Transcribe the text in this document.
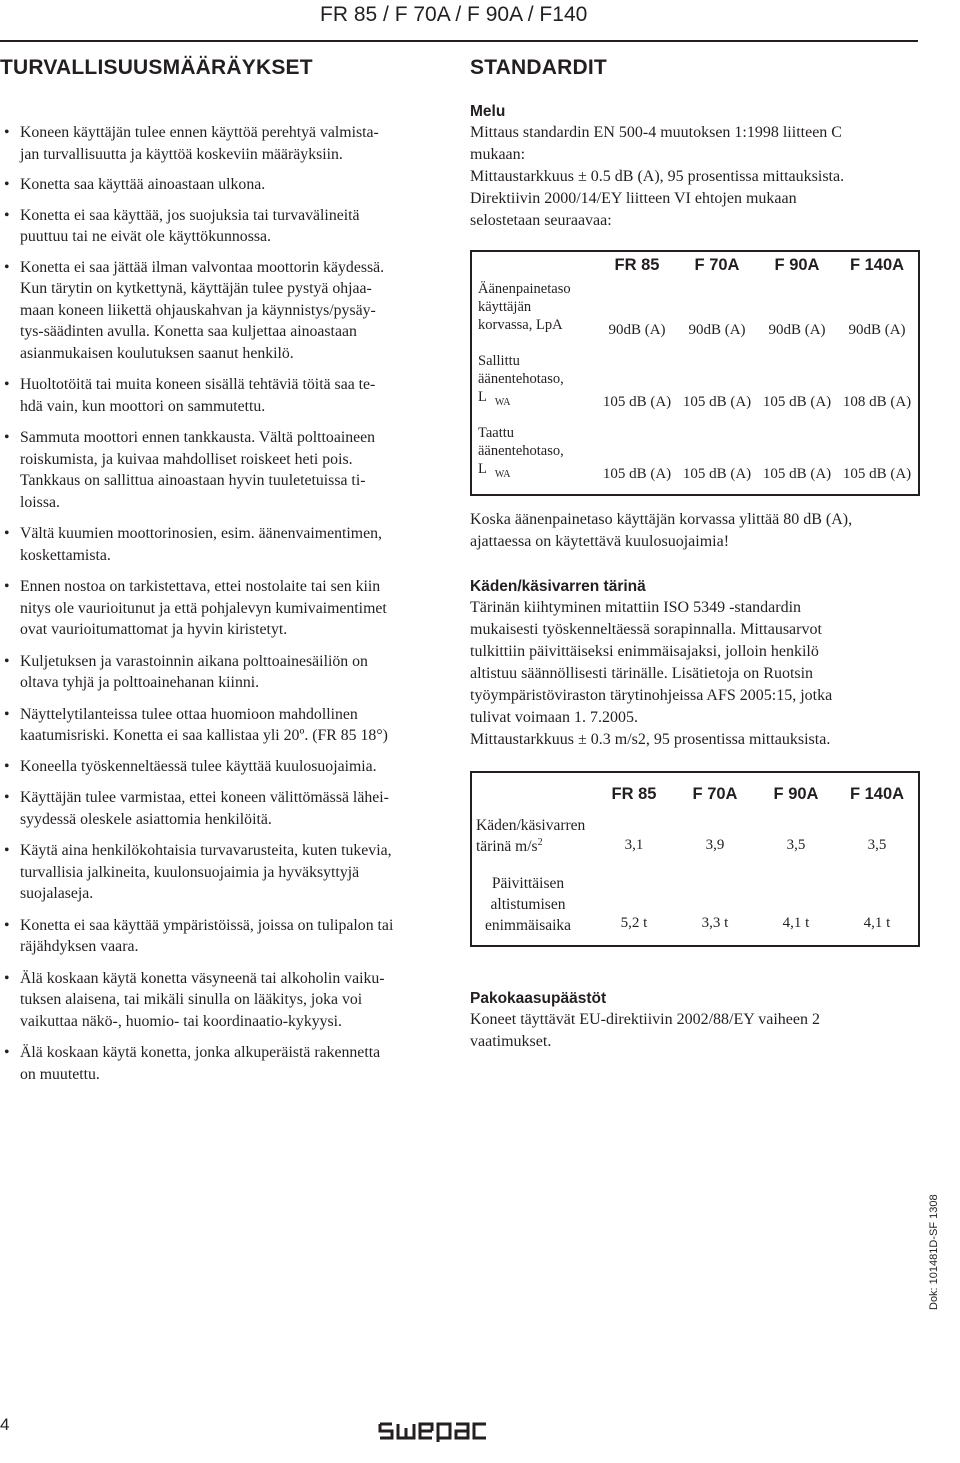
FR 85 / F 70A / F 90A / F140
TURVALLISUUSMÄÄRÄYKSET
• Koneen käyttäjän tulee ennen käyttöä perehtyä valmista-
jan turvallisuutta ja käyttöä koskeviin määräyksiin.
• Konetta saa käyttää ainoastaan ulkona.
• Konetta ei saa käyttää, jos suojuksia tai turvavälineitä
puuttuu tai ne eivät ole käyttökunnossa.
• Konetta ei saa jättää ilman valvontaa moottorin käydessä.
Kun tärytin on kytkettynä, käyttäjän tulee pystyä ohjaa-
maan koneen liikettä ohjauskahvan ja käynnistys/pysäy-
tys-säädinten avulla. Konetta saa kuljettaa ainoastaan
asianmukaisen koulutuksen saanut henkilö.
• Huoltotöitä tai muita koneen sisällä tehtäviä töitä saa te-
hdä vain, kun moottori on sammutettu.
• Sammuta moottori ennen tankkausta. Vältä polttoaineen
roiskumista, ja kuivaa mahdolliset roiskeet heti pois.
Tankkaus on sallittua ainoastaan hyvin tuuletetuissa ti-
loissa.
• Vältä kuumien moottorinosien, esim. äänenvaimentimen,
koskettamista.
• Ennen nostoa on tarkistettava, ettei nostolaite tai sen kiin
nitys ole vaurioitunut ja että pohjalevyn kumivaimentimet
ovat vaurioitumattomat ja hyvin kiristetyt.
• Kuljetuksen ja varastoinnin aikana polttoainesäiliön on
oltava tyhjä ja polttoainehanan kiinni.
• Näyttelytilanteissa tulee ottaa huomioon mahdollinen
kaatumisriski. Konetta ei saa kallistaa yli 20º. (FR 85 18°)
• Koneella työskenneltäessä tulee käyttää kuulosuojaimia.
• Käyttäjän tulee varmistaa, ettei koneen välittömässä lähei-
syydessä oleskele asiattomia henkilöitä.
• Käytä aina henkilökohtaisia turvavarusteita, kuten tukevia,
turvallisia jalkineita, kuulonsuojaimia ja hyväksyttyjä
suojalaseja.
• Konetta ei saa käyttää ympäristöissä, joissa on tulipalon tai
räjähdyksen vaara.
• Älä koskaan käytä konetta väsyneenä tai alkoholin vaiku-
tuksen alaisena, tai mikäli sinulla on lääkitys, joka voi
vaikuttaa näkö-, huomio- tai koordinaatio-kykyysi.
• Älä koskaan käytä konetta, jonka alkuperäistä rakennetta
on muutettu.
STANDARDIT
Melu
Mittaus standardin EN 500-4 muutoksen 1:1998 liitteen C
mukaan:
Mittaustarkkuus ± 0.5 dB (A), 95 prosentissa mittauksista.
Direktiivin 2000/14/EY liitteen VI ehtojen mukaan
selostetaan seuraavaa:
FR 85	F 70A	F 90A	F 140A
Äänenpainetaso
käyttäjän
korvassa, LpA	90dB (A)	90dB (A)	90dB (A)	90dB (A)
Sallittu
äänentehotaso,
L $_{WA}$	105 dB (A) 105 dB (A) 105 dB (A) 108 dB (A)
Taattu
äänentehotaso,
L $_{WA}$	105 dB (A) 105 dB (A) 105 dB (A) 105 dB (A)
Koska äänenpainetaso käyttäjän korvassa ylittää 80 dB (A),
ajattaessa on käytettävä kuulosuojaimia!
Käden/käsivarren tärinä
Tärinän kiihtyminen mitattiin ISO 5349 -standardin
mukaisesti työskenneltäessä sorapinnalla. Mittausarvot
tulkittiin päivittäiseksi enimmäisajaksi, jolloin henkilö
altistuu säännöllisesti tärinälle. Lisätietoja on Ruotsin
työympäristöviraston tärytinohjeissa AFS 2005:15, jotka
tulivat voimaan 1. 7.2005.
Mittaustarkkuus ± 0.3 m/s2, 95 prosentissa mittauksista.
FR 85	F 70A	F 90A	F 140A
Käden/käsivarren
tärinä $m/s^2$	3,1	3,9	3,5	3,5
Päivittäisen
altistumisen
enimmäisaika	5,2 t	3,3 t	4,1 t	4,1 t
Pakokaasupäästöt
Koneet täyttävät EU-direktiivin 2002/88/EY vaiheen 2
vaatimukset.
Dok: 101481D-SF 1308
4
